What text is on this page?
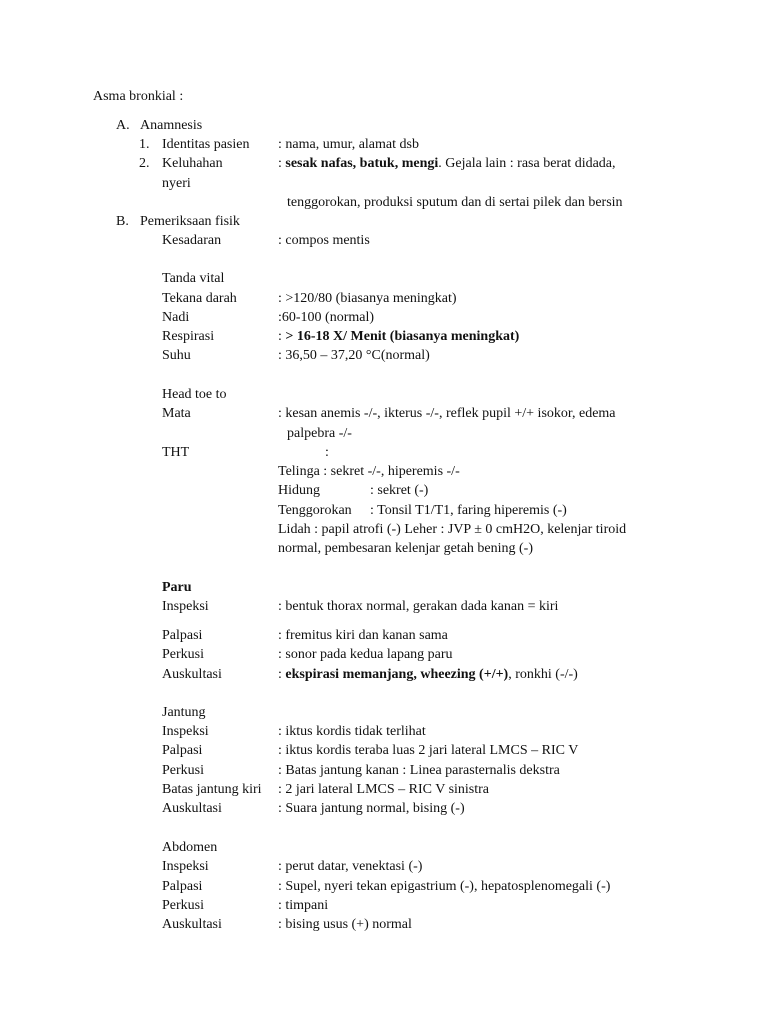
Asma bronkial :
A. Anamnesis
1. Identitas pasien : nama, umur, alamat dsb
2. Keluhahan	: sesak nafas, batuk, mengi. Gejala lain : rasa berat didada,
nyeri
tenggorokan, produksi sputum dan di sertai pilek dan bersin
B. Pemeriksaan fisik
Kesadaran	: compos mentis
Tanda vital
Tekana darah	: >120/80 (biasanya meningkat)
Nadi	:60-100 (normal)
Respirasi	: > 16-18 X/ Menit (biasanya meningkat)
Suhu	: 36,50 – 37,20 °C(normal)
Head toe to
Mata	: kesan anemis -/-, ikterus -/-, reflek pupil +/+ isokor, edema
palpebra -/-
THT	:
Telinga : sekret -/-, hiperemis -/-
Hidung	: sekret (-)
Tenggorokan : Tonsil T1/T1, faring hiperemis (-)
Lidah : papil atrofi (-) Leher : JVP ± 0 cmH2O, kelenjar tiroid
normal, pembesaran kelenjar getah bening (-)
Paru
Inspeksi	: bentuk thorax normal, gerakan dada kanan = kiri
Palpasi	: fremitus kiri dan kanan sama
Perkusi	: sonor pada kedua lapang paru
Auskultasi	: ekspirasi memanjang, wheezing (+/+), ronkhi (-/-)
Jantung
Inspeksi	: iktus kordis tidak terlihat
Palpasi	: iktus kordis teraba luas 2 jari lateral LMCS – RIC V
Perkusi	: Batas jantung kanan : Linea parasternalis dekstra
Batas jantung kiri : 2 jari lateral LMCS – RIC V sinistra
Auskultasi	: Suara jantung normal, bising (-)
Abdomen
Inspeksi	: perut datar, venektasi (-)
Palpasi	: Supel, nyeri tekan epigastrium (-), hepatosplenomegali (-)
Perkusi	: timpani
Auskultasi	: bising usus (+) normal
